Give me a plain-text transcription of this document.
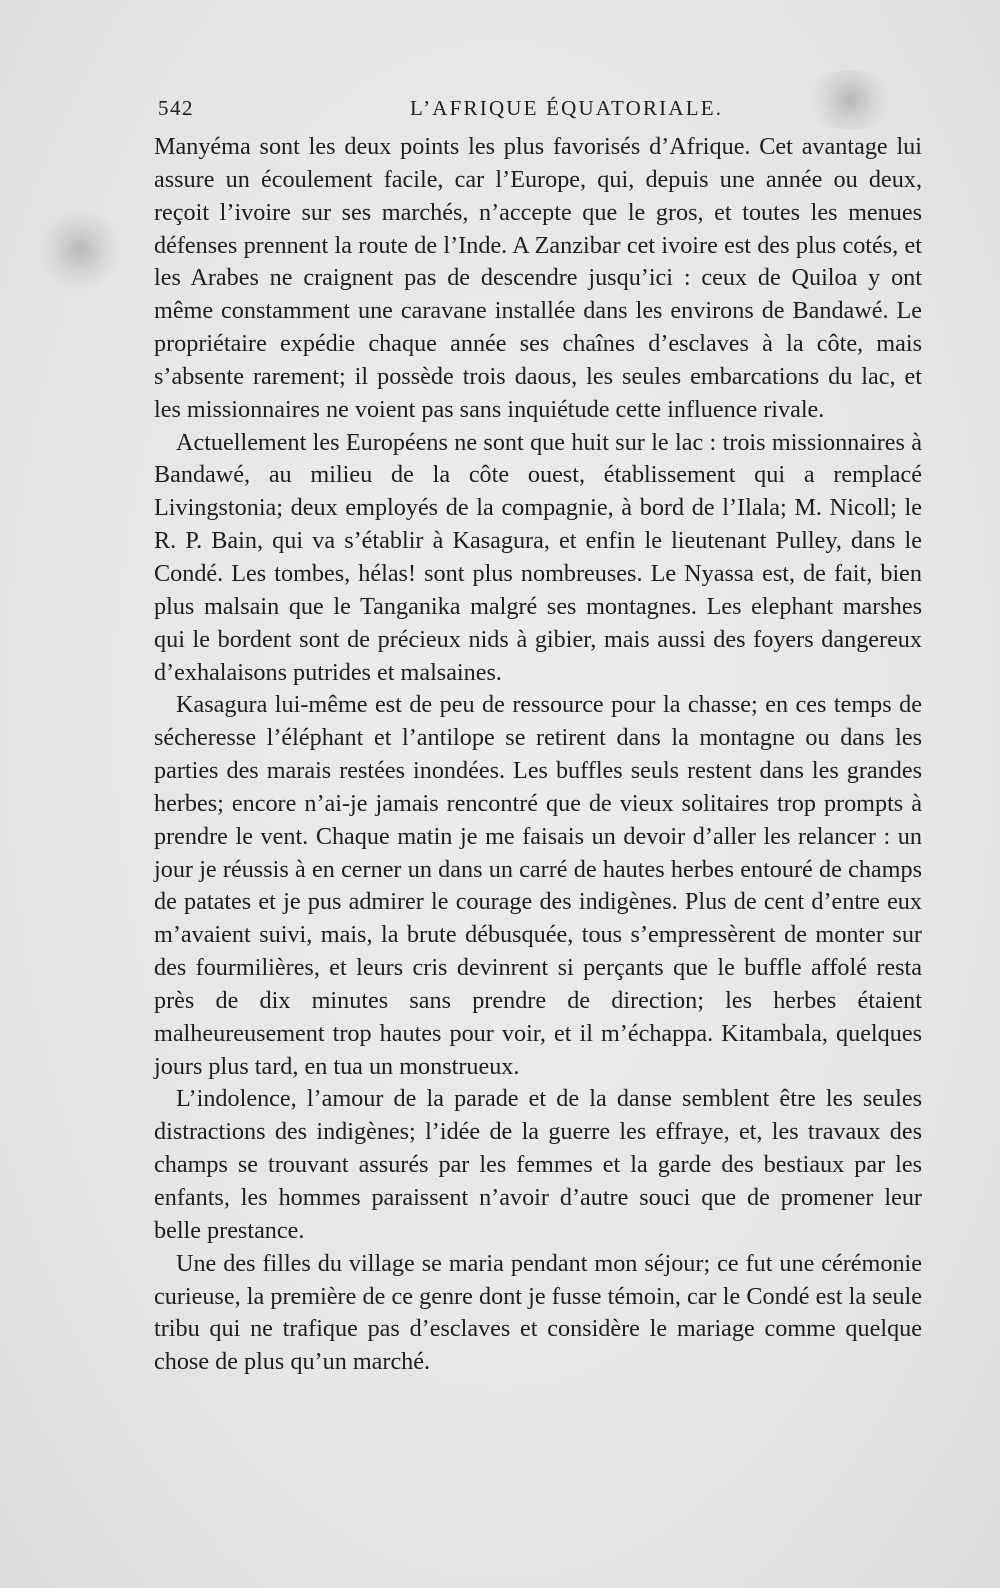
542	L’AFRIQUE ÉQUATORIALE.

Manyéma sont les deux points les plus favorisés d’Afrique. Cet avantage lui assure un écoulement facile, car l’Europe, qui, depuis une année ou deux, reçoit l’ivoire sur ses marchés, n’accepte que le gros, et toutes les menues défenses prennent la route de l’Inde. A Zanzibar cet ivoire est des plus cotés, et les Arabes ne craignent pas de descendre jusqu’ici : ceux de Quiloa y ont même constamment une caravane installée dans les environs de Bandawé. Le propriétaire expédie chaque année ses chaînes d’esclaves à la côte, mais s’absente rarement; il possède trois daous, les seules embarcations du lac, et les missionnaires ne voient pas sans inquiétude cette influence rivale.

Actuellement les Européens ne sont que huit sur le lac : trois missionnaires à Bandawé, au milieu de la côte ouest, établissement qui a remplacé Livingstonia; deux employés de la compagnie, à bord de l’Ilala; M. Nicoll; le R. P. Bain, qui va s’établir à Kasagura, et enfin le lieutenant Pulley, dans le Condé. Les tombes, hélas! sont plus nombreuses. Le Nyassa est, de fait, bien plus malsain que le Tanganika malgré ses montagnes. Les elephant marshes qui le bordent sont de précieux nids à gibier, mais aussi des foyers dangereux d’exhalaisons putrides et malsaines.

Kasagura lui-même est de peu de ressource pour la chasse; en ces temps de sécheresse l’éléphant et l’antilope se retirent dans la montagne ou dans les parties des marais restées inondées. Les buffles seuls restent dans les grandes herbes; encore n’ai-je jamais rencontré que de vieux solitaires trop prompts à prendre le vent. Chaque matin je me faisais un devoir d’aller les relancer : un jour je réussis à en cerner un dans un carré de hautes herbes entouré de champs de patates et je pus admirer le courage des indigènes. Plus de cent d’entre eux m’avaient suivi, mais, la brute débusquée, tous s’empressèrent de monter sur des fourmilières, et leurs cris devinrent si perçants que le buffle affolé resta près de dix minutes sans prendre de direction; les herbes étaient malheureusement trop hautes pour voir, et il m’échappa. Kitambala, quelques jours plus tard, en tua un monstrueux.

L’indolence, l’amour de la parade et de la danse semblent être les seules distractions des indigènes; l’idée de la guerre les effraye, et, les travaux des champs se trouvant assurés par les femmes et la garde des bestiaux par les enfants, les hommes paraissent n’avoir d’autre souci que de promener leur belle prestance.

Une des filles du village se maria pendant mon séjour; ce fut une cérémonie curieuse, la première de ce genre dont je fusse témoin, car le Condé est la seule tribu qui ne trafique pas d’esclaves et considère le mariage comme quelque chose de plus qu’un marché.
